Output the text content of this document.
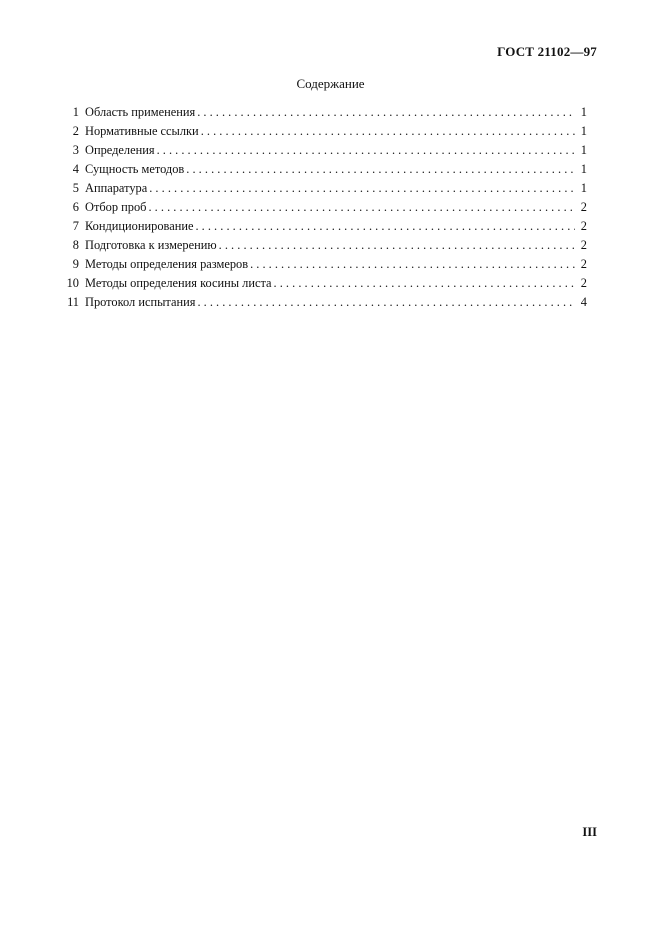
ГОСТ 21102—97
Содержание
1 Область применения . . .	1
2 Нормативные ссылки . . .	1
3 Определения . . .	1
4 Сущность методов . . .	1
5 Аппаратура . . .	1
6 Отбор проб . . .	2
7 Кондиционирование . . .	2
8 Подготовка к измерению . . .	2
9 Методы определения размеров . . .	2
10 Методы определения косины листа . . .	2
11 Протокол испытания . . .	4
III
